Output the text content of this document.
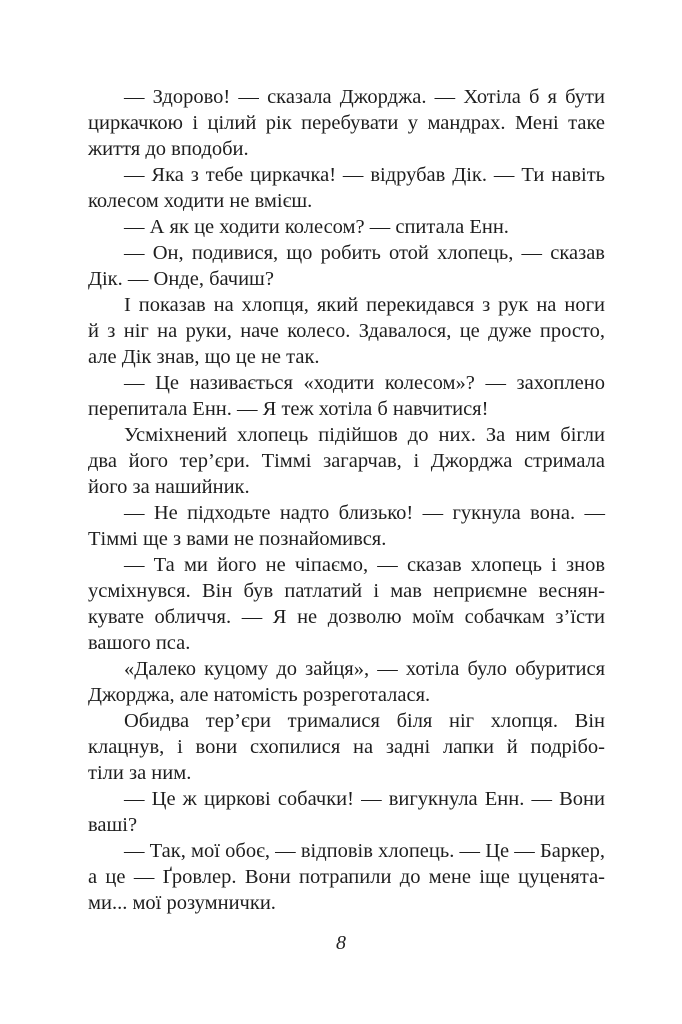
— Здорово! — сказала Джорджа. — Хотіла б я бути
циркачкою і цілий рік перебувати у мандрах. Мені таке
життя до вподоби.

— Яка з тебе циркачка! — відрубав Дік. — Ти навіть
колесом ходити не вмієш.

— А як це ходити колесом? — спитала Енн.

— Он, подивися, що робить отой хлопець, — сказав
Дік. — Онде, бачиш?

І показав на хлопця, який перекидався з рук на ноги
й з ніг на руки, наче колесо. Здавалося, це дуже просто,
але Дік знав, що це не так.

— Це називається «ходити колесом»? — захоплено
перепитала Енн. — Я теж хотіла б навчитися!

Усміхнений хлопець підійшов до них. За ним бігли
два його тер’єри. Тіммі загарчав, і Джорджа стримала
його за нашийник.

— Не підходьте надто близько! — гукнула вона. —
Тіммі ще з вами не познайомився.

— Та ми його не чіпаємо, — сказав хлопець і знов
усміхнувся. Він був патлатий і мав неприємне веснян-
кувате обличчя. — Я не дозволю моїм собачкам з’їсти
вашого пса.

«Далеко куцому до зайця», — хотіла було обуритися
Джорджа, але натомість розреготалася.

Обидва тер’єри трималися біля ніг хлопця. Він
клацнув, і вони схопилися на задні лапки й подрібо-
тіли за ним.

— Це ж циркові собачки! — вигукнула Енн. — Вони
ваші?

— Так, мої обоє, — відповів хлопець. — Це — Баркер,
а це — Ґровлер. Вони потрапили до мене іще цуценята-
ми... мої розумнички.

8
